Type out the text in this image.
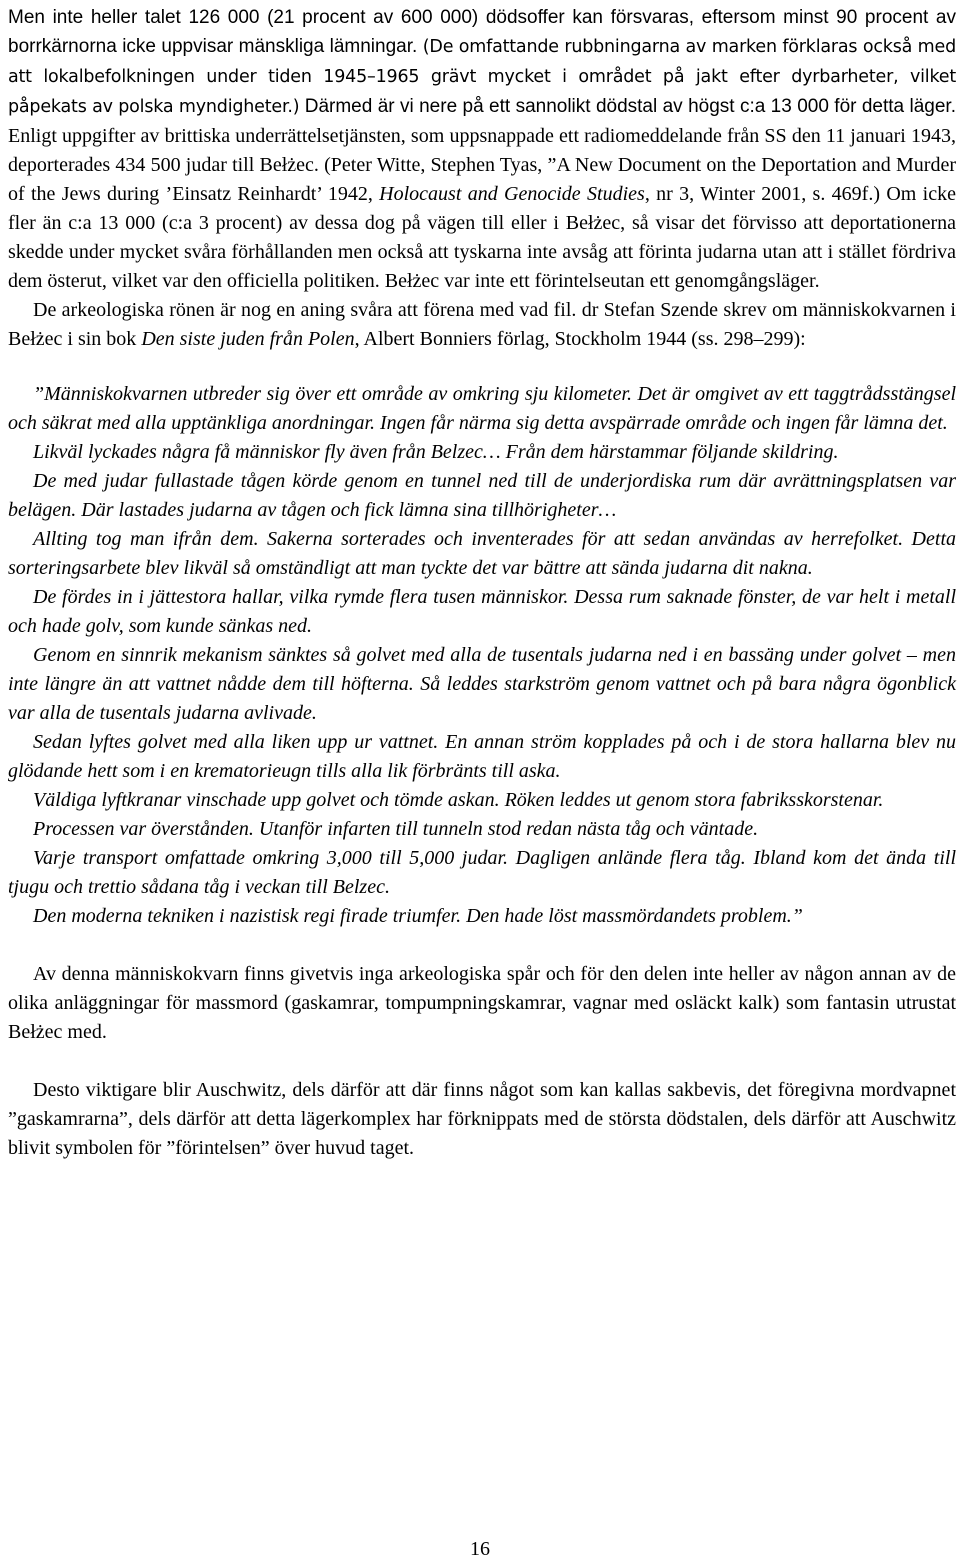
Men inte heller talet 126 000 (21 procent av 600 000) dödsoffer kan försvaras, eftersom minst 90 procent av borrkärnorna icke uppvisar mänskliga lämningar. (De omfattande rubbningarna av marken förklaras också med att lokalbefolkningen under tiden 1945–1965 grävt mycket i området på jakt efter dyrbarheter, vilket påpekats av polska myndigheter.) Därmed är vi nere på ett sannolikt dödstal av högst c:a 13 000 för detta läger. Enligt uppgifter av brittiska underrättelsetjänsten, som uppsnappade ett radiomeddelande från SS den 11 januari 1943, deporterades 434 500 judar till Bełżec. (Peter Witte, Stephen Tyas, ”A New Document on the Deportation and Murder of the Jews during ’Einsatz Reinhardt’ 1942, Holocaust and Genocide Studies, nr 3, Winter 2001, s. 469f.) Om icke fler än c:a 13 000 (c:a 3 procent) av dessa dog på vägen till eller i Bełżec, så visar det förvisso att deportationerna skedde under mycket svåra förhållanden men också att tyskarna inte avsåg att förinta judarna utan att i stället fördriva dem österut, vilket var den officiella politiken. Bełżec var inte ett förintelseutan ett genomgångsläger.

De arkeologiska rönen är nog en aning svåra att förena med vad fil. dr Stefan Szende skrev om människokvarnen i Bełżec i sin bok Den siste juden från Polen, Albert Bonniers förlag, Stockholm 1944 (ss. 298–299):

”Människokvarnen utbreder sig över ett område av omkring sju kilometer. Det är omgivet av ett taggtrådsstängsel och säkrat med alla upptänkliga anordningar. Ingen får närma sig detta avspärrade område och ingen får lämna det.

Likväl lyckades några få människor fly även från Belzec… Från dem härstammar följande skildring.

De med judar fullastade tågen körde genom en tunnel ned till de underjordiska rum där avrättningsplatsen var belägen. Där lastades judarna av tågen och fick lämna sina tillhörigheter…

Allting tog man ifrån dem. Sakerna sorterades och inventerades för att sedan användas av herrefolket. Detta sorteringsarbete blev likväl så omständligt att man tyckte det var bättre att sända judarna dit nakna.

De fördes in i jättestora hallar, vilka rymde flera tusen människor. Dessa rum saknade fönster, de var helt i metall och hade golv, som kunde sänkas ned.

Genom en sinnrik mekanism sänktes så golvet med alla de tusentals judarna ned i en bassäng under golvet – men inte längre än att vattnet nådde dem till höfterna. Så leddes starkström genom vattnet och på bara några ögonblick var alla de tusentals judarna avlivade.

Sedan lyftes golvet med alla liken upp ur vattnet. En annan ström kopplades på och i de stora hallarna blev nu glödande hett som i en krematorieugn tills alla lik förbränts till aska.

Väldiga lyftkranar vinschade upp golvet och tömde askan. Röken leddes ut genom stora fabriksskorstenar.

Processen var överstånden. Utanför infarten till tunneln stod redan nästa tåg och väntade.

Varje transport omfattade omkring 3,000 till 5,000 judar. Dagligen anlände flera tåg. Ibland kom det ända till tjugu och trettio sådana tåg i veckan till Belzec.

Den moderna tekniken i nazistisk regi firade triumfer. Den hade löst massmördandets problem.”

Av denna människokvarn finns givetvis inga arkeologiska spår och för den delen inte heller av någon annan av de olika anläggningar för massmord (gaskamrar, tompumpningskamrar, vagnar med osläckt kalk) som fantasin utrustat Bełżec med.

Desto viktigare blir Auschwitz, dels därför att där finns något som kan kallas sakbevis, det föregivna mordvapnet ”gaskamrarna”, dels därför att detta lägerkomplex har förknippats med de största dödstalen, dels därför att Auschwitz blivit symbolen för ”förintelsen” över huvud taget.

16
